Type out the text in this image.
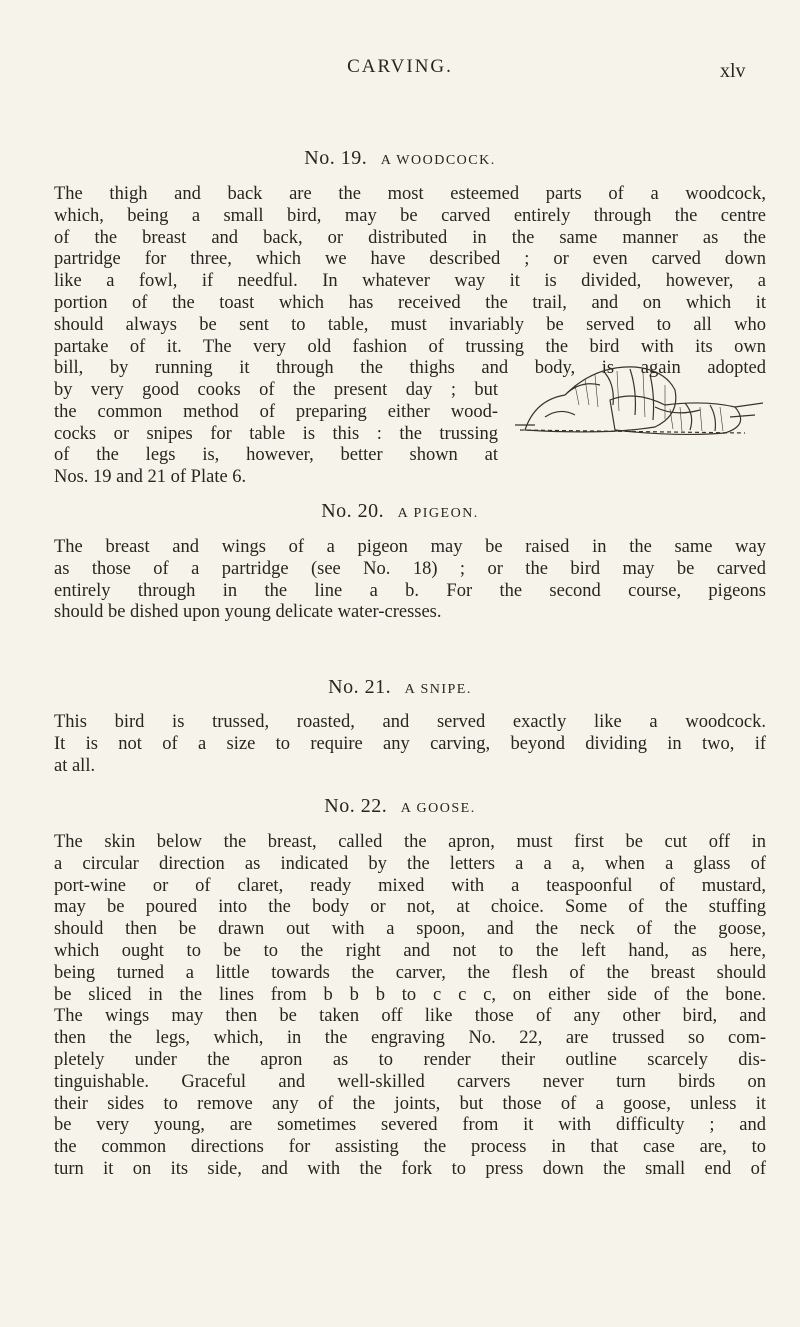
CARVING.	xlv
No. 19. A WOODCOCK.
The thigh and back are the most esteemed parts of a woodcock,
which, being a small bird, may be carved entirely through the centre
of the breast and back, or distributed in the same manner as the
partridge for three, which we have described ; or even carved down
like a fowl, if needful. In whatever way it is divided, however, a
portion of the toast which has received the trail, and on which it
should always be sent to table, must invariably be served to all who
partake of it. The very old fashion of trussing the bird with its own
bill, by running it through the thighs and body, is again adopted
by very good cooks of the present day ; but
the common method of preparing either wood-
cocks or snipes for table is this : the trussing
of the legs is, however, better shown at
Nos. 19 and 21 of Plate 6.
No. 20. A PIGEON.
The breast and wings of a pigeon may be raised in the same way
as those of a partridge (see No. 18) ; or the bird may be carved
entirely through in the line a b. For the second course, pigeons
should be dished upon young delicate water-cresses.
No. 21. A SNIPE.
This bird is trussed, roasted, and served exactly like a woodcock.
It is not of a size to require any carving, beyond dividing in two, if
at all.
No. 22. A GOOSE.
The skin below the breast, called the apron, must first be cut off in
a circular direction as indicated by the letters a a a, when a glass of
port-wine or of claret, ready mixed with a teaspoonful of mustard,
may be poured into the body or not, at choice. Some of the stuffing
should then be drawn out with a spoon, and the neck of the goose,
which ought to be to the right and not to the left hand, as here,
being turned a little towards the carver, the flesh of the breast should
be sliced in the lines from b b b to c c c, on either side of the bone.
The wings may then be taken off like those of any other bird, and
then the legs, which, in the engraving No. 22, are trussed so com-
pletely under the apron as to render their outline scarcely dis-
tinguishable. Graceful and well-skilled carvers never turn birds on
their sides to remove any of the joints, but those of a goose, unless it
be very young, are sometimes severed from it with difficulty ; and
the common directions for assisting the process in that case are, to
turn it on its side, and with the fork to press down the small end of
